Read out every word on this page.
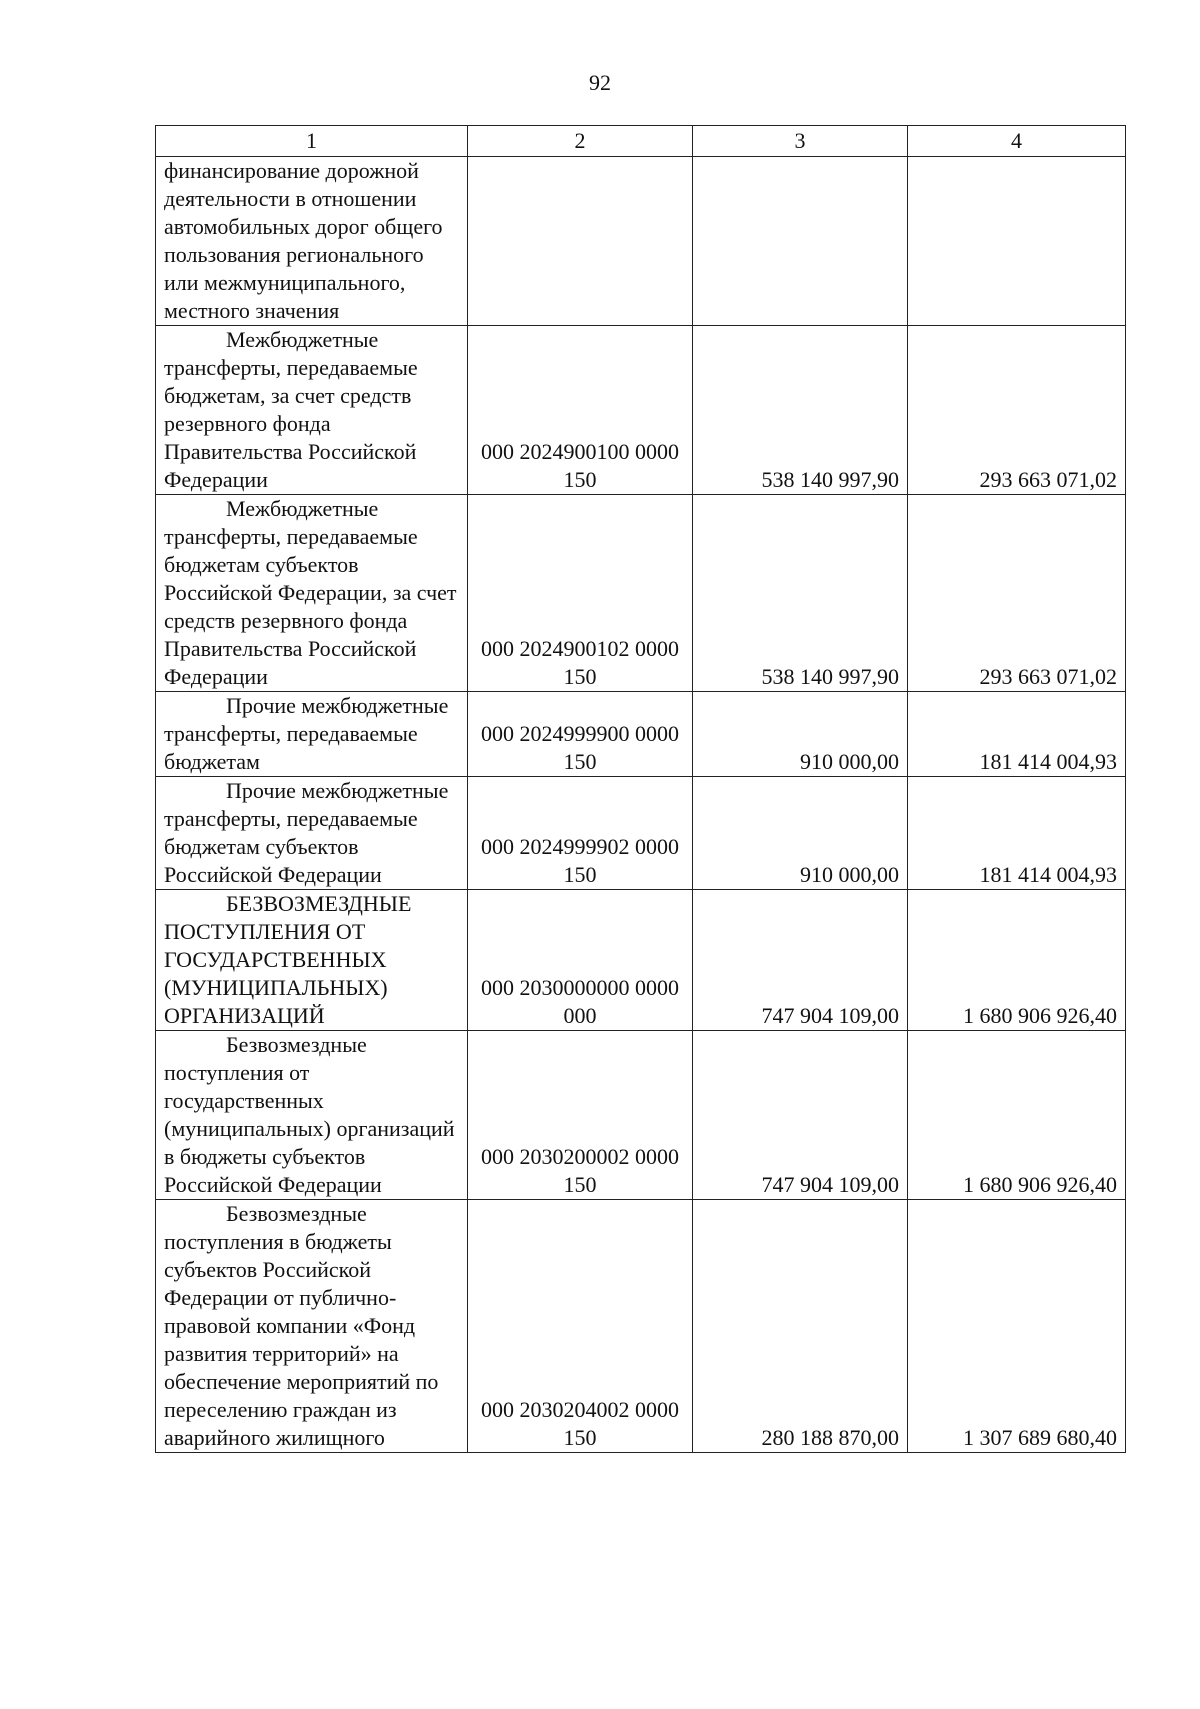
92
1	2	3	4
финансирование дорожной деятельности в отношении автомобильных дорог общего пользования регионального или межмуниципального, местного значения			
Межбюджетные трансферты, передаваемые бюджетам, за счет средств резервного фонда Правительства Российской Федерации	000 2024900100 0000 150	538 140 997,90	293 663 071,02
Межбюджетные трансферты, передаваемые бюджетам субъектов Российской Федерации, за счет средств резервного фонда Правительства Российской Федерации	000 2024900102 0000 150	538 140 997,90	293 663 071,02
Прочие межбюджетные трансферты, передаваемые бюджетам	000 2024999900 0000 150	910 000,00	181 414 004,93
Прочие межбюджетные трансферты, передаваемые бюджетам субъектов Российской Федерации	000 2024999902 0000 150	910 000,00	181 414 004,93
БЕЗВОЗМЕЗДНЫЕ ПОСТУПЛЕНИЯ ОТ ГОСУДАРСТВЕННЫХ (МУНИЦИПАЛЬНЫХ) ОРГАНИЗАЦИЙ	000 2030000000 0000 000	747 904 109,00	1 680 906 926,40
Безвозмездные поступления от государственных (муниципальных) организаций в бюджеты субъектов Российской Федерации	000 2030200002 0000 150	747 904 109,00	1 680 906 926,40
Безвозмездные поступления в бюджеты субъектов Российской Федерации от публично-правовой компании «Фонд развития территорий» на обеспечение мероприятий по переселению граждан из аварийного жилищного	000 2030204002 0000 150	280 188 870,00	1 307 689 680,40
